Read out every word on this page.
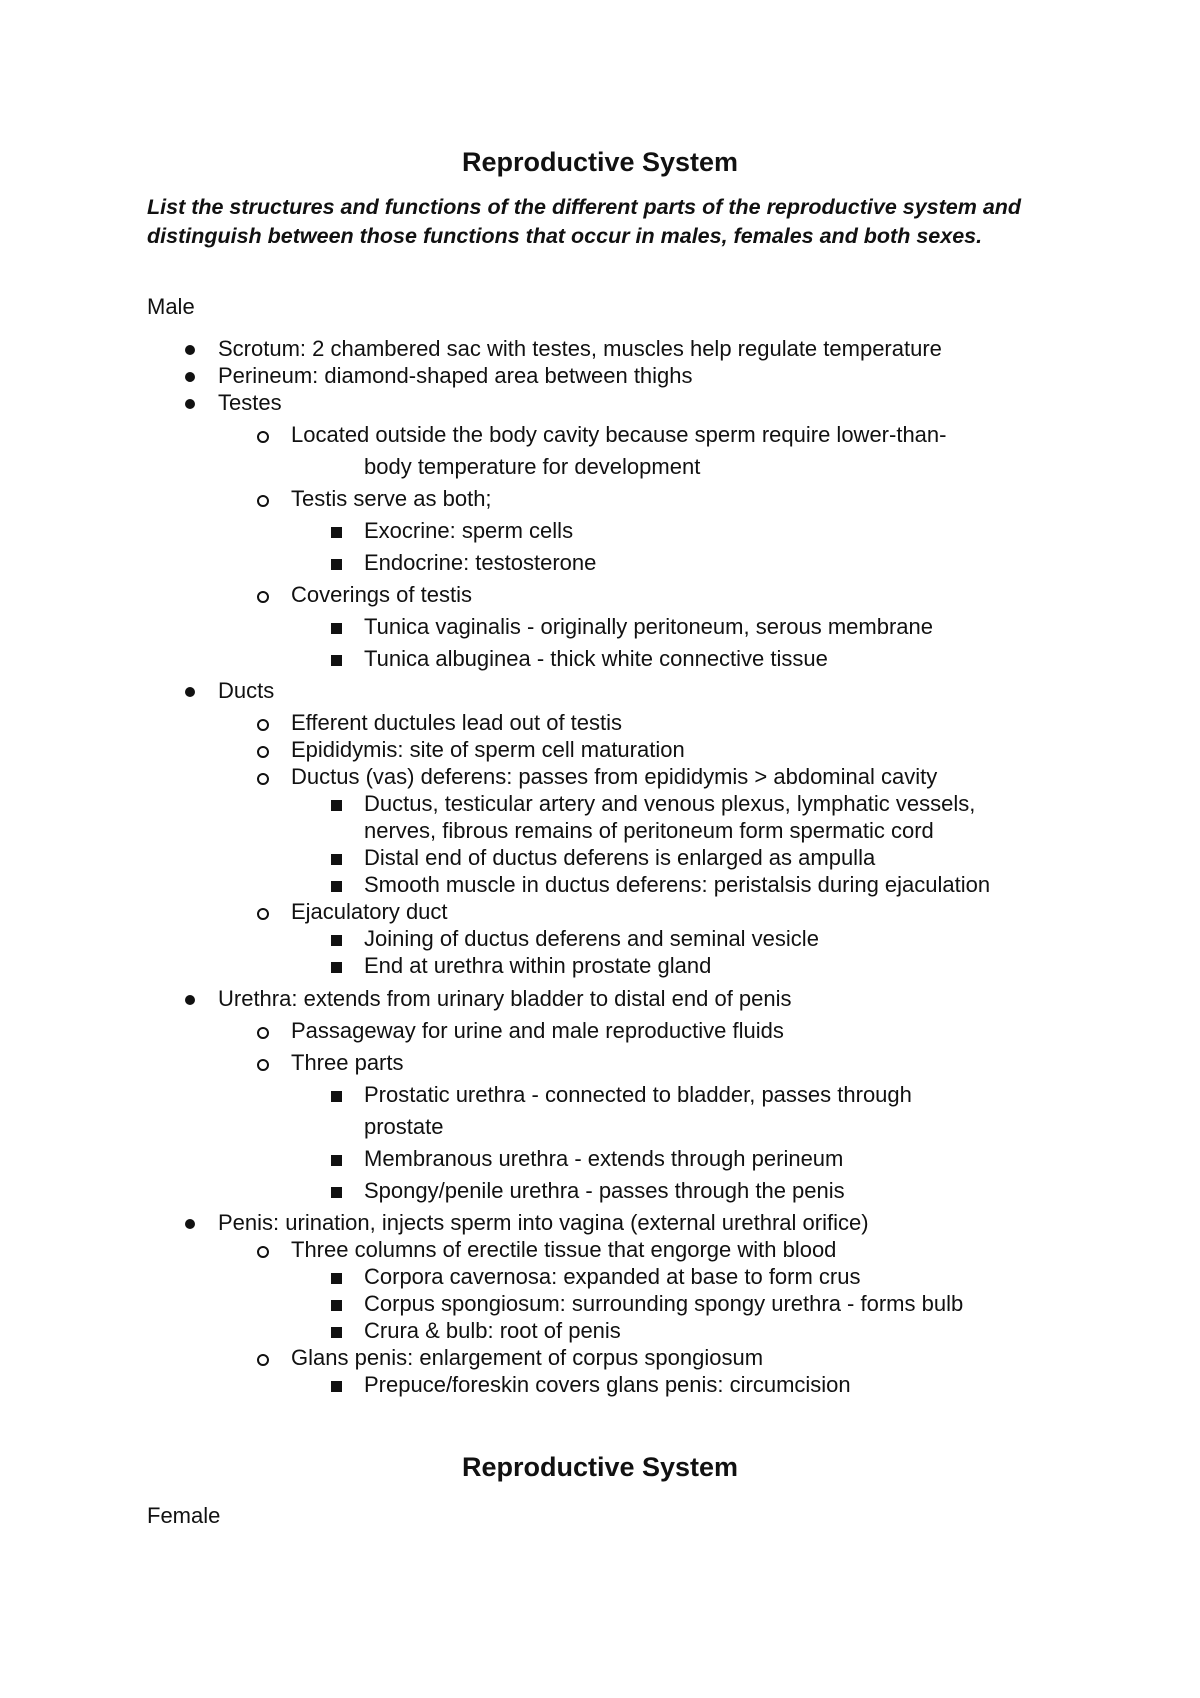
Reproductive System

List the structures and functions of the different parts of the reproductive system and distinguish between those functions that occur in males, females and both sexes.

Male

Scrotum: 2 chambered sac with testes, muscles help regulate temperature
Perineum: diamond-shaped area between thighs
Testes
Located outside the body cavity because sperm require lower-than-
body temperature for development
Testis serve as both;
Exocrine: sperm cells
Endocrine: testosterone
Coverings of testis
Tunica vaginalis - originally peritoneum, serous membrane
Tunica albuginea - thick white connective tissue
Ducts
Efferent ductules lead out of testis
Epididymis: site of sperm cell maturation
Ductus (vas) deferens: passes from epididymis > abdominal cavity
Ductus, testicular artery and venous plexus, lymphatic vessels,
nerves, fibrous remains of peritoneum form spermatic cord
Distal end of ductus deferens is enlarged as ampulla
Smooth muscle in ductus deferens: peristalsis during ejaculation
Ejaculatory duct
Joining of ductus deferens and seminal vesicle
End at urethra within prostate gland
Urethra: extends from urinary bladder to distal end of penis
Passageway for urine and male reproductive fluids
Three parts
Prostatic urethra - connected to bladder, passes through
prostate
Membranous urethra - extends through perineum
Spongy/penile urethra - passes through the penis
Penis: urination, injects sperm into vagina (external urethral orifice)
Three columns of erectile tissue that engorge with blood
Corpora cavernosa: expanded at base to form crus
Corpus spongiosum: surrounding spongy urethra - forms bulb
Crura & bulb: root of penis
Glans penis: enlargement of corpus spongiosum
Prepuce/foreskin covers glans penis: circumcision
Reproductive System

Female
